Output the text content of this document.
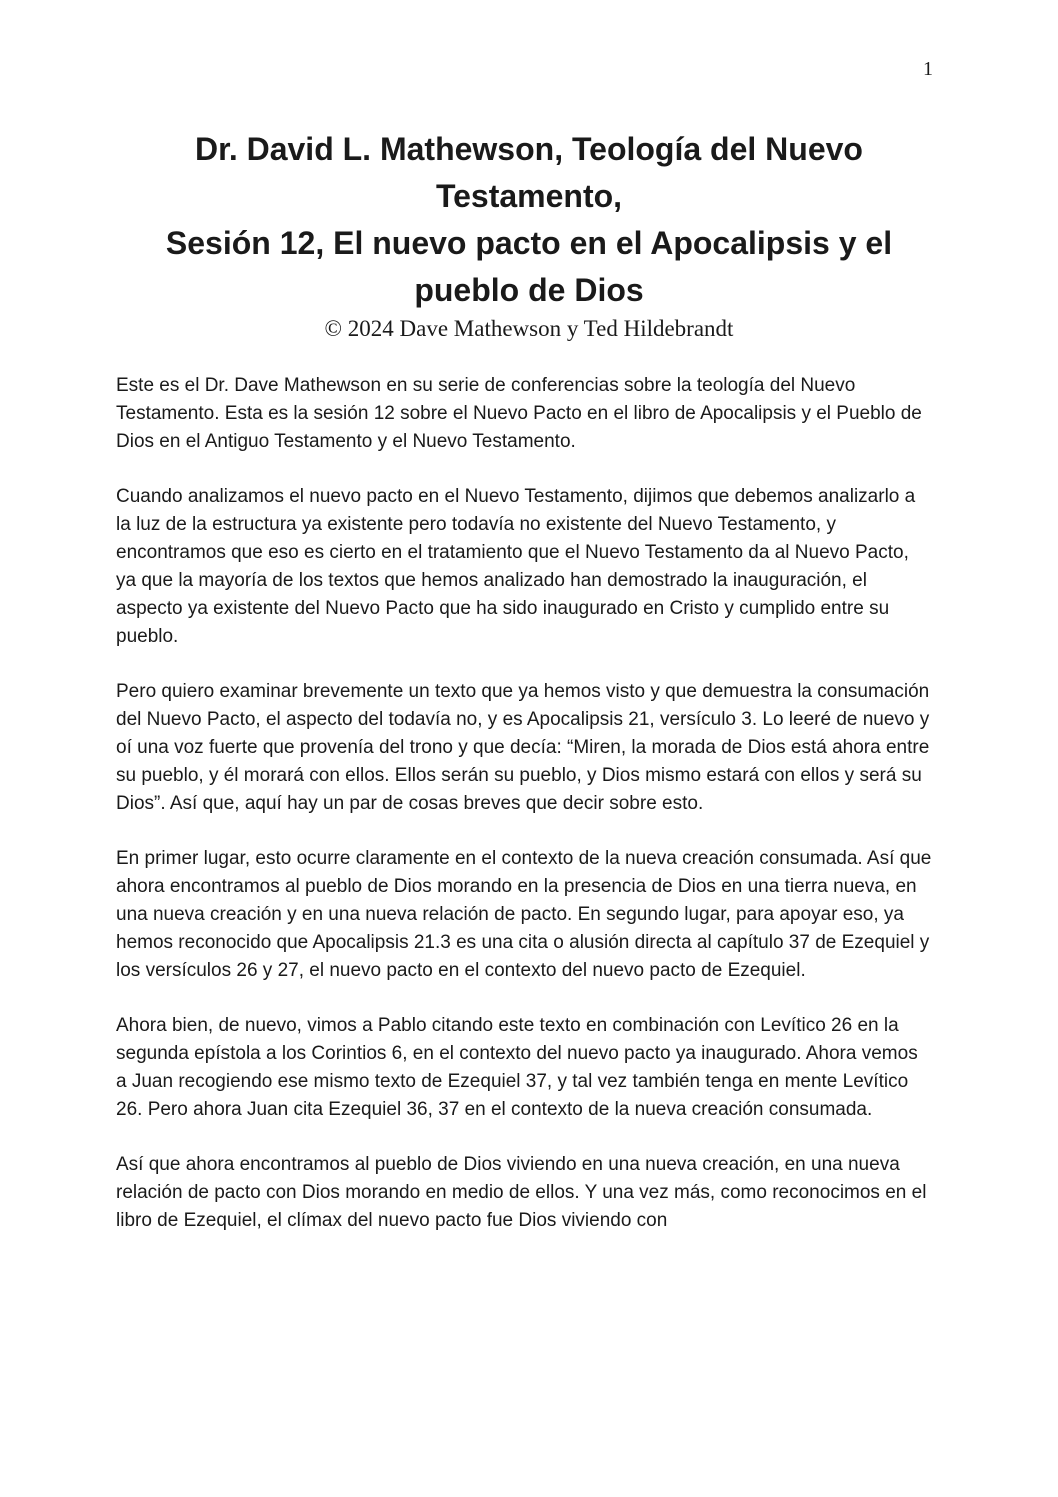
1
Dr. David L. Mathewson, Teología del Nuevo
Testamento,
Sesión 12, El nuevo pacto en el Apocalipsis y el
pueblo de Dios
© 2024 Dave Mathewson y Ted Hildebrandt

Este es el Dr. Dave Mathewson en su serie de conferencias sobre la teología del Nuevo Testamento. Esta es la sesión 12 sobre el Nuevo Pacto en el libro de Apocalipsis y el Pueblo de Dios en el Antiguo Testamento y el Nuevo Testamento.

Cuando analizamos el nuevo pacto en el Nuevo Testamento, dijimos que debemos analizarlo a la luz de la estructura ya existente pero todavía no existente del Nuevo Testamento, y encontramos que eso es cierto en el tratamiento que el Nuevo Testamento da al Nuevo Pacto, ya que la mayoría de los textos que hemos analizado han demostrado la inauguración, el aspecto ya existente del Nuevo Pacto que ha sido inaugurado en Cristo y cumplido entre su pueblo.

Pero quiero examinar brevemente un texto que ya hemos visto y que demuestra la consumación del Nuevo Pacto, el aspecto del todavía no, y es Apocalipsis 21, versículo 3. Lo leeré de nuevo y oí una voz fuerte que provenía del trono y que decía: “Miren, la morada de Dios está ahora entre su pueblo, y él morará con ellos. Ellos serán su pueblo, y Dios mismo estará con ellos y será su Dios”. Así que, aquí hay un par de cosas breves que decir sobre esto.

En primer lugar, esto ocurre claramente en el contexto de la nueva creación consumada. Así que ahora encontramos al pueblo de Dios morando en la presencia de Dios en una tierra nueva, en una nueva creación y en una nueva relación de pacto. En segundo lugar, para apoyar eso, ya hemos reconocido que Apocalipsis 21.3 es una cita o alusión directa al capítulo 37 de Ezequiel y los versículos 26 y 27, el nuevo pacto en el contexto del nuevo pacto de Ezequiel.

Ahora bien, de nuevo, vimos a Pablo citando este texto en combinación con Levítico 26 en la segunda epístola a los Corintios 6, en el contexto del nuevo pacto ya inaugurado. Ahora vemos a Juan recogiendo ese mismo texto de Ezequiel 37, y tal vez también tenga en mente Levítico 26. Pero ahora Juan cita Ezequiel 36, 37 en el contexto de la nueva creación consumada.

Así que ahora encontramos al pueblo de Dios viviendo en una nueva creación, en una nueva relación de pacto con Dios morando en medio de ellos. Y una vez más, como reconocimos en el libro de Ezequiel, el clímax del nuevo pacto fue Dios viviendo con
